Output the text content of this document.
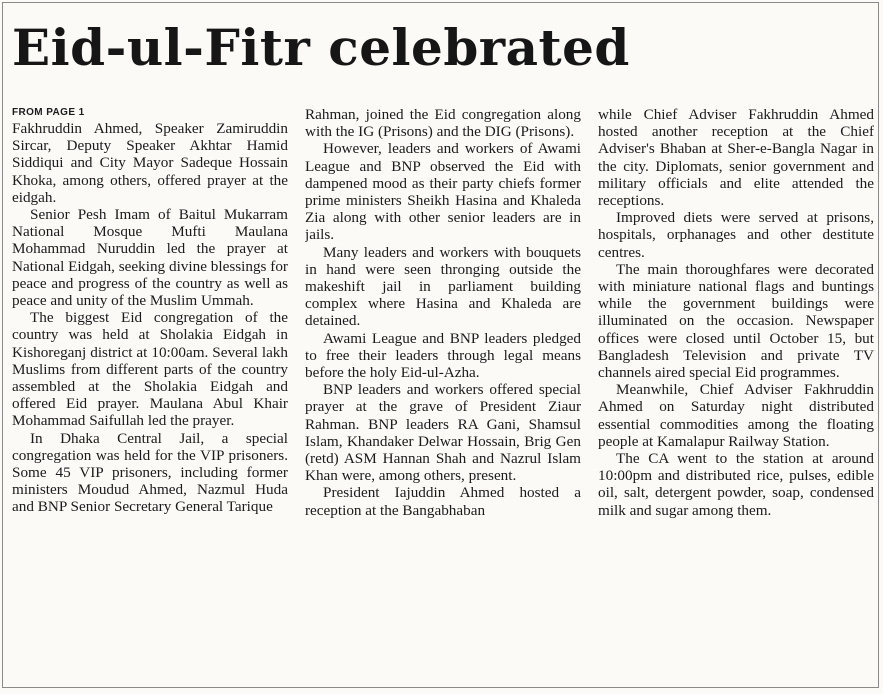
Eid-ul-Fitr celebrated
FROM PAGE 1

Fakhruddin Ahmed, Speaker Zamiruddin Sircar, Deputy Speaker Akhtar Hamid Siddiqui and City Mayor Sadeque Hossain Khoka, among others, offered prayer at the eidgah.

Senior Pesh Imam of Baitul Mukarram National Mosque Mufti Maulana Mohammad Nuruddin led the prayer at National Eidgah, seeking divine blessings for peace and progress of the country as well as peace and unity of the Muslim Ummah.

The biggest Eid congregation of the country was held at Sholakia Eidgah in Kishoreganj district at 10:00am. Several lakh Muslims from different parts of the country assembled at the Sholakia Eidgah and offered Eid prayer. Maulana Abul Khair Mohammad Saifullah led the prayer.

In Dhaka Central Jail, a special congregation was held for the VIP prisoners. Some 45 VIP prisoners, including former ministers Moudud Ahmed, Nazmul Huda and BNP Senior Secretary General Tarique

Rahman, joined the Eid congregation along with the IG (Prisons) and the DIG (Prisons).

However, leaders and workers of Awami League and BNP observed the Eid with dampened mood as their party chiefs former prime ministers Sheikh Hasina and Khaleda Zia along with other senior leaders are in jails.

Many leaders and workers with bouquets in hand were seen thronging outside the makeshift jail in parliament building complex where Hasina and Khaleda are detained.

Awami League and BNP leaders pledged to free their leaders through legal means before the holy Eid-ul-Azha.

BNP leaders and workers offered special prayer at the grave of President Ziaur Rahman. BNP leaders RA Gani, Shamsul Islam, Khandaker Delwar Hossain, Brig Gen (retd) ASM Hannan Shah and Nazrul Islam Khan were, among others, present.

President Iajuddin Ahmed hosted a reception at the Bangabhaban

while Chief Adviser Fakhruddin Ahmed hosted another reception at the Chief Adviser's Bhaban at Sher-e-Bangla Nagar in the city. Diplomats, senior government and military officials and elite attended the receptions.

Improved diets were served at prisons, hospitals, orphanages and other destitute centres.

The main thoroughfares were decorated with miniature national flags and buntings while the government buildings were illuminated on the occasion. Newspaper offices were closed until October 15, but Bangladesh Television and private TV channels aired special Eid programmes.

Meanwhile, Chief Adviser Fakhruddin Ahmed on Saturday night distributed essential commodities among the floating people at Kamalapur Railway Station.

The CA went to the station at around 10:00pm and distributed rice, pulses, edible oil, salt, detergent powder, soap, condensed milk and sugar among them.
